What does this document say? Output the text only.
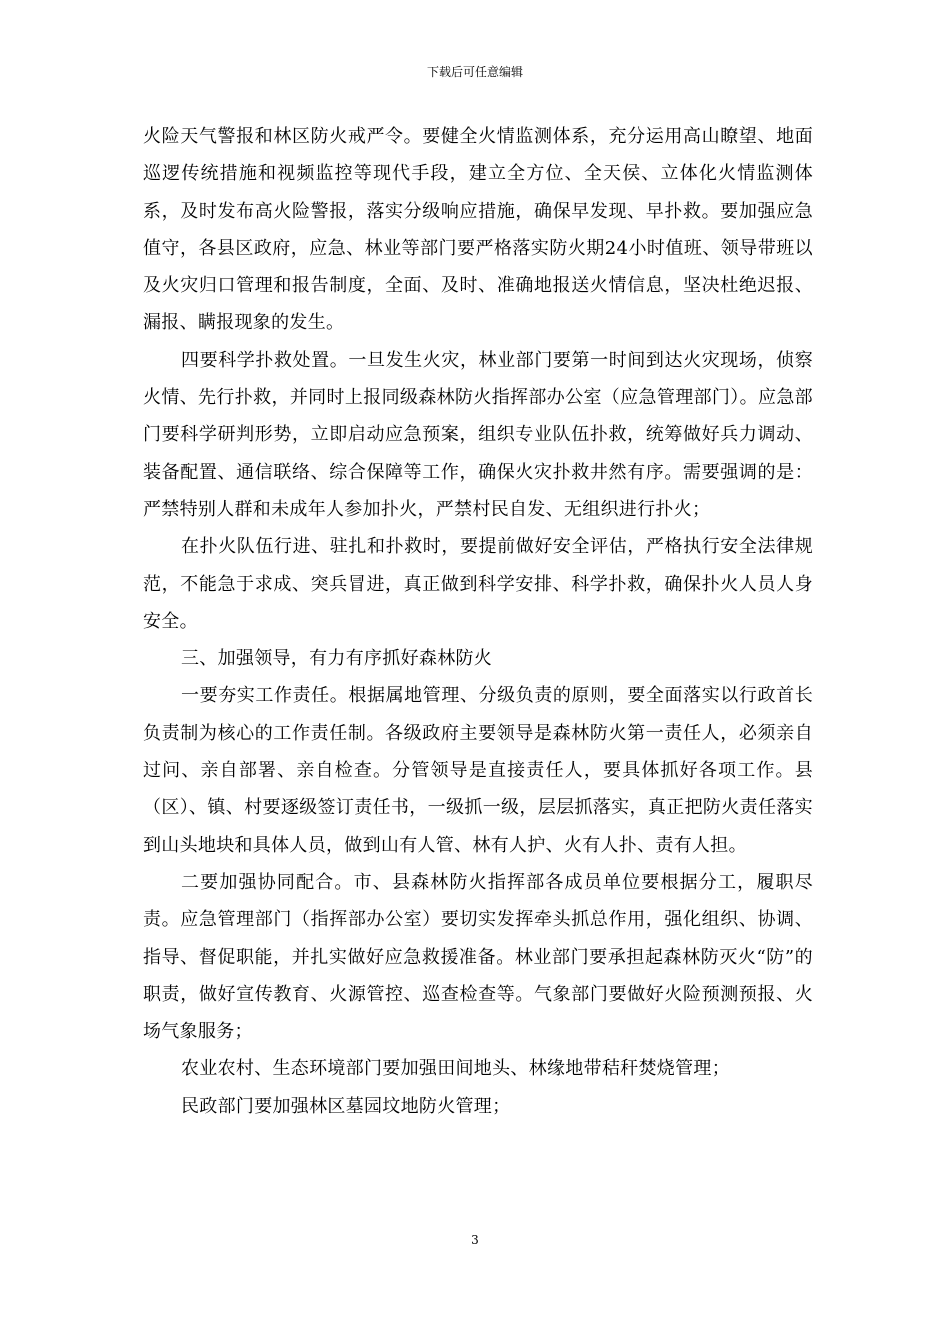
下载后可任意编辑

火险天气警报和林区防火戒严令。要健全火情监测体系，充分运用高山瞭望、地面巡逻传统措施和视频监控等现代手段，建立全方位、全天侯、立体化火情监测体系，及时发布高火险警报，落实分级响应措施，确保早发现、早扑救。要加强应急值守，各县区政府，应急、林业等部门要严格落实防火期24小时值班、领导带班以及火灾归口管理和报告制度，全面、及时、准确地报送火情信息，坚决杜绝迟报、漏报、瞒报现象的发生。

四要科学扑救处置。一旦发生火灾，林业部门要第一时间到达火灾现场，侦察火情、先行扑救，并同时上报同级森林防火指挥部办公室（应急管理部门）。应急部门要科学研判形势，立即启动应急预案，组织专业队伍扑救，统筹做好兵力调动、装备配置、通信联络、综合保障等工作，确保火灾扑救井然有序。需要强调的是：严禁特别人群和未成年人参加扑火，严禁村民自发、无组织进行扑火；

在扑火队伍行进、驻扎和扑救时，要提前做好安全评估，严格执行安全法律规范，不能急于求成、突兵冒进，真正做到科学安排、科学扑救，确保扑火人员人身安全。

三、加强领导，有力有序抓好森林防火

一要夯实工作责任。根据属地管理、分级负责的原则，要全面落实以行政首长负责制为核心的工作责任制。各级政府主要领导是森林防火第一责任人，必须亲自过问、亲自部署、亲自检查。分管领导是直接责任人，要具体抓好各项工作。县（区）、镇、村要逐级签订责任书，一级抓一级，层层抓落实，真正把防火责任落实到山头地块和具体人员，做到山有人管、林有人护、火有人扑、责有人担。

二要加强协同配合。市、县森林防火指挥部各成员单位要根据分工，履职尽责。应急管理部门（指挥部办公室）要切实发挥牵头抓总作用，强化组织、协调、指导、督促职能，并扎实做好应急救援准备。林业部门要承担起森林防灭火“防”的职责，做好宣传教育、火源管控、巡查检查等。气象部门要做好火险预测预报、火场气象服务；

农业农村、生态环境部门要加强田间地头、林缘地带秸秆焚烧管理；

民政部门要加强林区墓园坟地防火管理；

3
